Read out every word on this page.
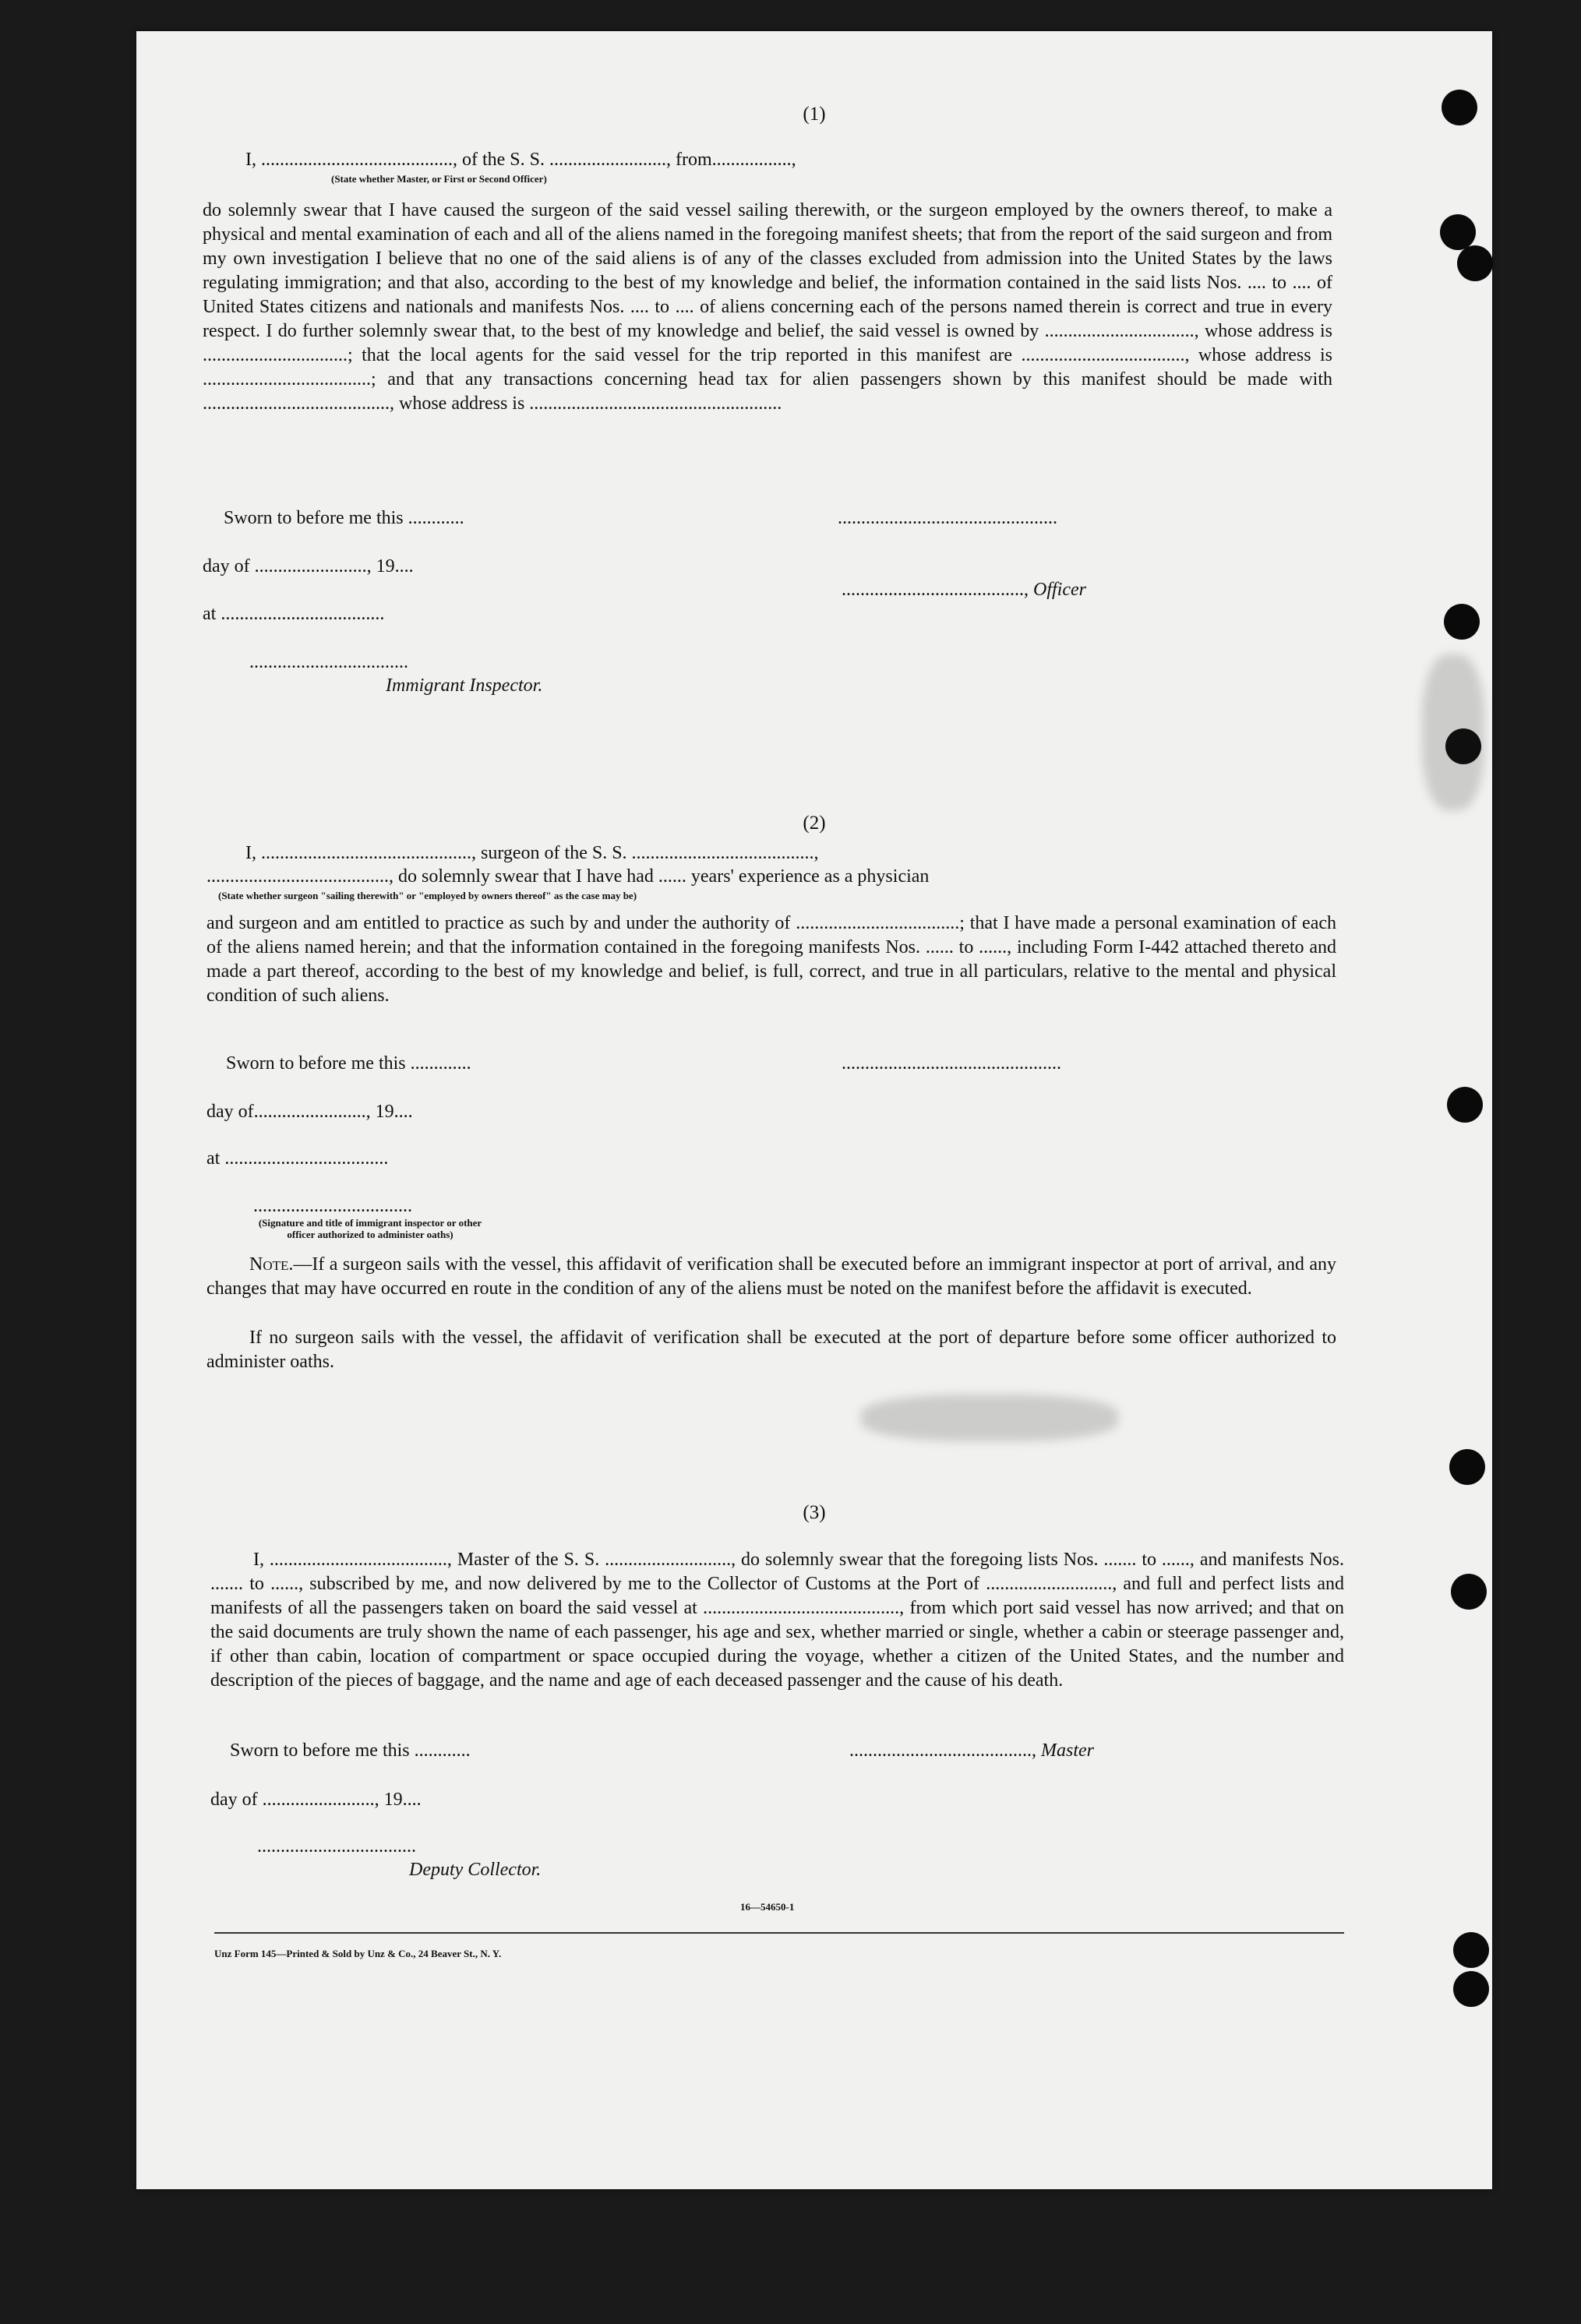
(1)
I, ........................................., of the S. S. ........................., from.................,
(State whether Master, or First or Second Officer)
do solemnly swear that I have caused the surgeon of the said vessel sailing therewith, or the surgeon employed by the owners thereof, to make a physical and mental examination of each and all of the aliens named in the foregoing manifest sheets; that from the report of the said surgeon and from my own investigation I believe that no one of the said aliens is of any of the classes excluded from admission into the United States by the laws regulating immigration; and that also, according to the best of my knowledge and belief, the information contained in the said lists Nos. .... to .... of United States citizens and nationals and manifests Nos. .... to .... of aliens concerning each of the persons named therein is correct and true in every respect. I do further solemnly swear that, to the best of my knowledge and belief, the said vessel is owned by ................................, whose address is ...............................; that the local agents for the said vessel for the trip reported in this manifest are ..................................., whose address is ....................................; and that any transactions concerning head tax for alien passengers shown by this manifest should be made with ........................................, whose address is ......................................................
Sworn to before me this ............	...............................................
day of ........................, 19....
......................................., Officer
at ...................................
..................................
Immigrant Inspector.
(2)
I, ............................................., surgeon of the S. S. .......................................,
......................................., do solemnly swear that I have had ...... years' experience as a physician
(State whether surgeon "sailing therewith" or "employed by owners thereof" as the case may be)
and surgeon and am entitled to practice as such by and under the authority of ...................................; that I have made a personal examination of each of the aliens named herein; and that the information contained in the foregoing manifests Nos. ...... to ......, including Form I-442 attached thereto and made a part thereof, according to the best of my knowledge and belief, is full, correct, and true in all particulars, relative to the mental and physical condition of such aliens.
Sworn to before me this .............	...............................................
day of........................, 19....
at ...................................
..................................
(Signature and title of immigrant inspector or other officer authorized to administer oaths)
Note.—If a surgeon sails with the vessel, this affidavit of verification shall be executed before an immigrant inspector at port of arrival, and any changes that may have occurred en route in the condition of any of the aliens must be noted on the manifest before the affidavit is executed.
If no surgeon sails with the vessel, the affidavit of verification shall be executed at the port of departure before some officer authorized to administer oaths.
(3)
I, ......................................, Master of the S. S. ..........................., do solemnly swear that the foregoing lists Nos. ....... to ......, and manifests Nos. ....... to ......, subscribed by me, and now delivered by me to the Collector of Customs at the Port of ..........................., and full and perfect lists and manifests of all the passengers taken on board the said vessel at .........................................., from which port said vessel has now arrived; and that on the said documents are truly shown the name of each passenger, his age and sex, whether married or single, whether a cabin or steerage passenger and, if other than cabin, location of compartment or space occupied during the voyage, whether a citizen of the United States, and the number and description of the pieces of baggage, and the name and age of each deceased passenger and the cause of his death.
Sworn to before me this ............	......................................., Master
day of ........................, 19....
..................................
Deputy Collector.
16—54650-1
Unz Form 145—Printed & Sold by Unz & Co., 24 Beaver St., N. Y.
